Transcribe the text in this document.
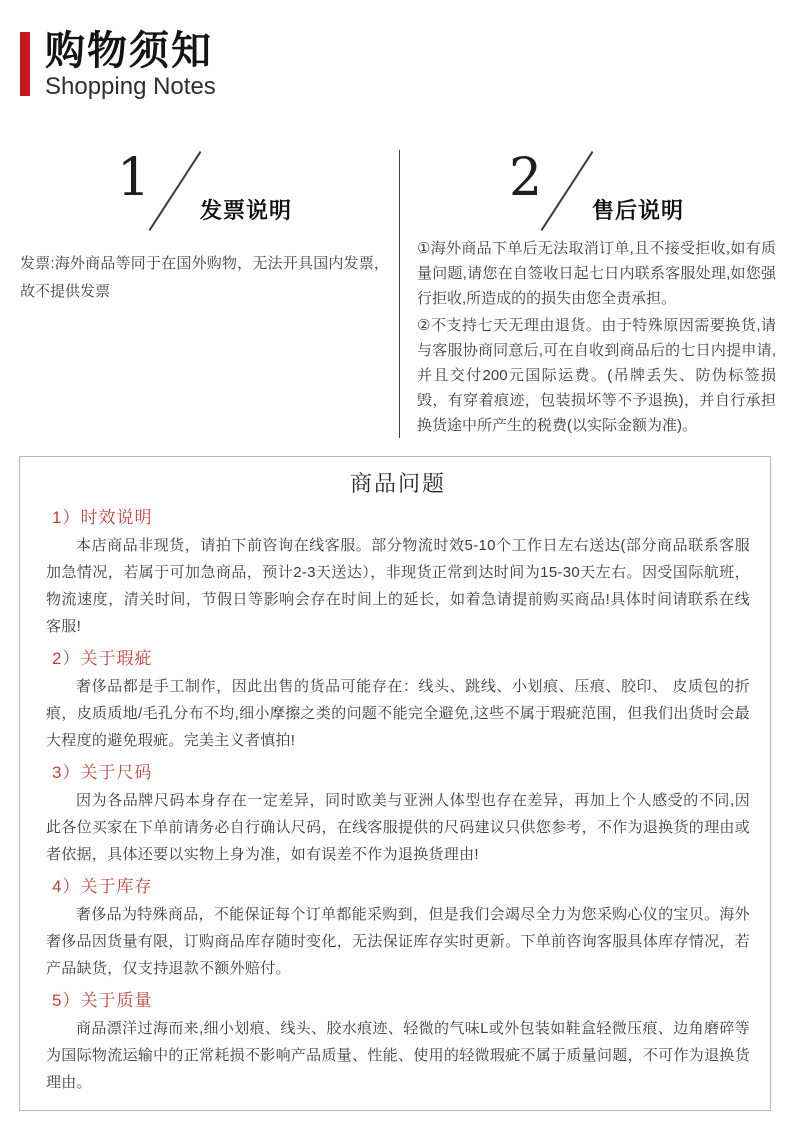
购物须知
Shopping Notes
1
发票说明

发票:海外商品等同于在国外购物，无法开具国内发票，故不提供发票

2
售后说明

①海外商品下单后无法取消订单,且不接受拒收,如有质量问题,请您在自签收日起七日内联系客服处理,如您强行拒收,所造成的的损失由您全责承担。

②不支持七天无理由退货。由于特殊原因需要换货,请与客服协商同意后,可在自收到商品后的七日内提申请,并且交付200元国际运费。(吊牌丢失、防伪标签损毁，有穿着痕迹，包装损坏等不予退换)，并自行承担换货途中所产生的税费(以实际金额为准)。

商品问题
1）时效说明

本店商品非现货，请拍下前咨询在线客服。部分物流时效5-10个工作日左右送达(部分商品联系客服加急情况，若属于可加急商品，预计2-3天送达），非现货正常到达时间为15-30天左右。因受国际航班，物流速度，清关时间，节假日等影响会存在时间上的延长，如着急请提前购买商品!具体时间请联系在线客服!

2）关于瑕疵

奢侈品都是手工制作，因此出售的货品可能存在：线头、跳线、小划痕、压痕、胶印、 皮质包的折痕，皮质质地/毛孔分布不均,细小摩擦之类的问题不能完全避免,这些不属于瑕疵范围，但我们出货时会最大程度的避免瑕疵。完美主义者慎拍!

3）关于尺码

因为各品牌尺码本身存在一定差异，同时欧美与亚洲人体型也存在差异，再加上个人感受的不同,因此各位买家在下单前请务必自行确认尺码，在线客服提供的尺码建议只供您参考，不作为退换货的理由或者依据，具体还要以实物上身为准，如有误差不作为退换货理由!

4）关于库存

奢侈品为特殊商品，不能保证每个订单都能采购到，但是我们会竭尽全力为您采购心仪的宝贝。海外奢侈品因货量有限，订购商品库存随时变化，无法保证库存实时更新。下单前咨询客服具体库存情况，若产品缺货，仅支持退款不额外赔付。

5）关于质量

商品漂洋过海而来,细小划痕、线头、胶水痕迹、轻微的气味L或外包装如鞋盒轻微压痕、边角磨碎等为国际物流运输中的正常耗损不影响产品质量、性能、使用的轻微瑕疵不属于质量问题，不可作为退换货理由。
